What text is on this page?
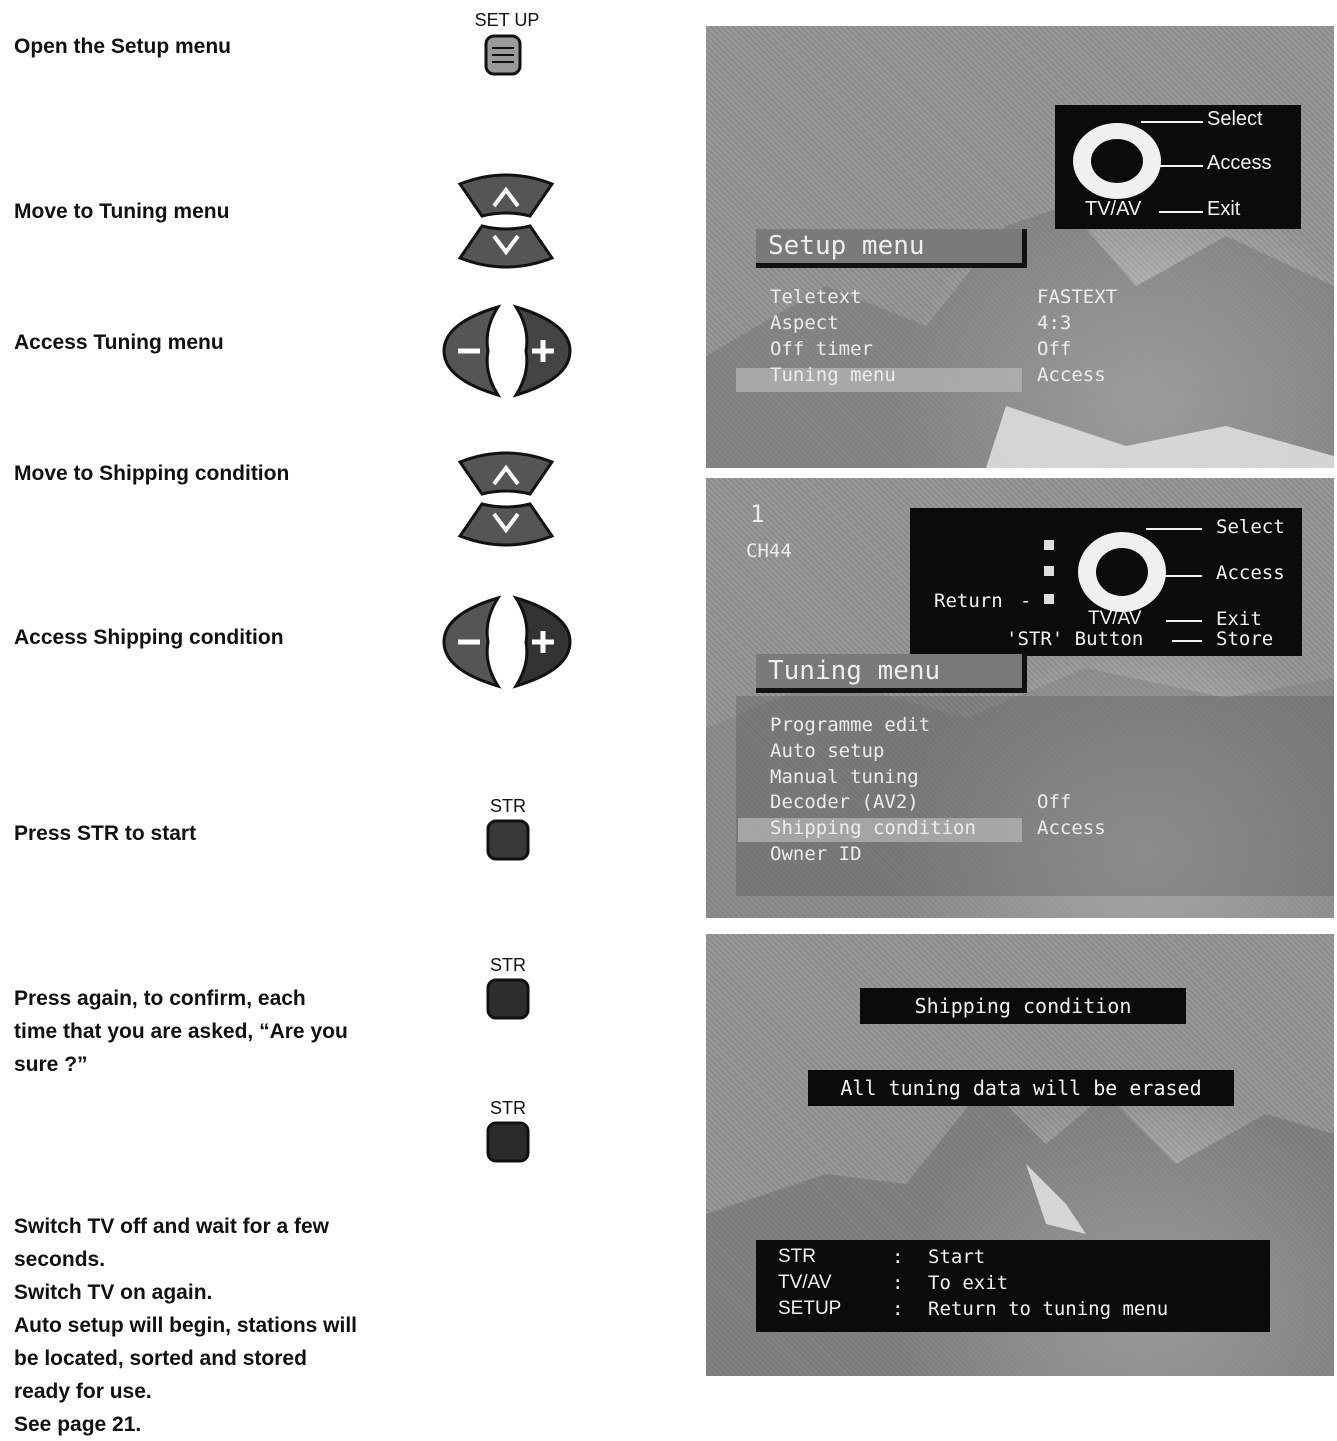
Open the Setup menu
Move to Tuning menu
Access Tuning menu
Move to Shipping condition
Access Shipping condition
Press STR to start
Press again, to confirm, each time that you are asked, “Are you sure ?”
Switch TV off and wait for a few seconds.
Switch TV on again.
Auto setup will begin, stations will be located, sorted and stored ready for use.
See page 21.
SET UP
STR
STR
STR
Select
Access
TV/AV	Exit
Setup menu
Teletext	FASTEXT
Aspect	4:3
Off timer	Off
Tuning menu	Access
1
CH44
Select
Access
Return -
TV/AV	Exit
'STR' Button	Store
Tuning menu
Programme edit
Auto setup
Manual tuning
Decoder (AV2)	Off
Shipping condition	Access
Owner ID
Shipping condition
All tuning data will be erased
STR	: Start
TV/AV	: To exit
SETUP	: Return to tuning menu
